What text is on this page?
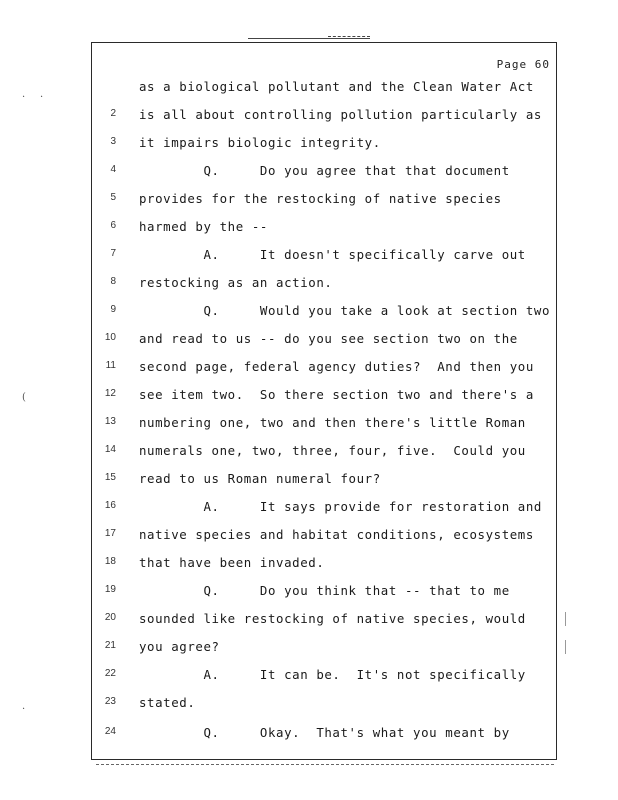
Page 60
· ·
(
·
as a biological pollutant and the Clean Water Act
2 is all about controlling pollution particularly as
3 it impairs biologic integrity.
4 Q.     Do you agree that that document
5 provides for the restocking of native species
6 harmed by the --
7 A.     It doesn't specifically carve out
8 restocking as an action.
9 Q.     Would you take a look at section two
10 and read to us -- do you see section two on the
11 second page, federal agency duties?  And then you
12 see item two.  So there section two and there's a
13 numbering one, two and then there's little Roman
14 numerals one, two, three, four, five.  Could you
15 read to us Roman numeral four?
16 A.     It says provide for restoration and
17 native species and habitat conditions, ecosystems
18 that have been invaded.
19 Q.     Do you think that -- that to me
20 sounded like restocking of native species, would
21 you agree?
22 A.     It can be.  It's not specifically
23 stated.
24 Q.     Okay.  That's what you meant by
